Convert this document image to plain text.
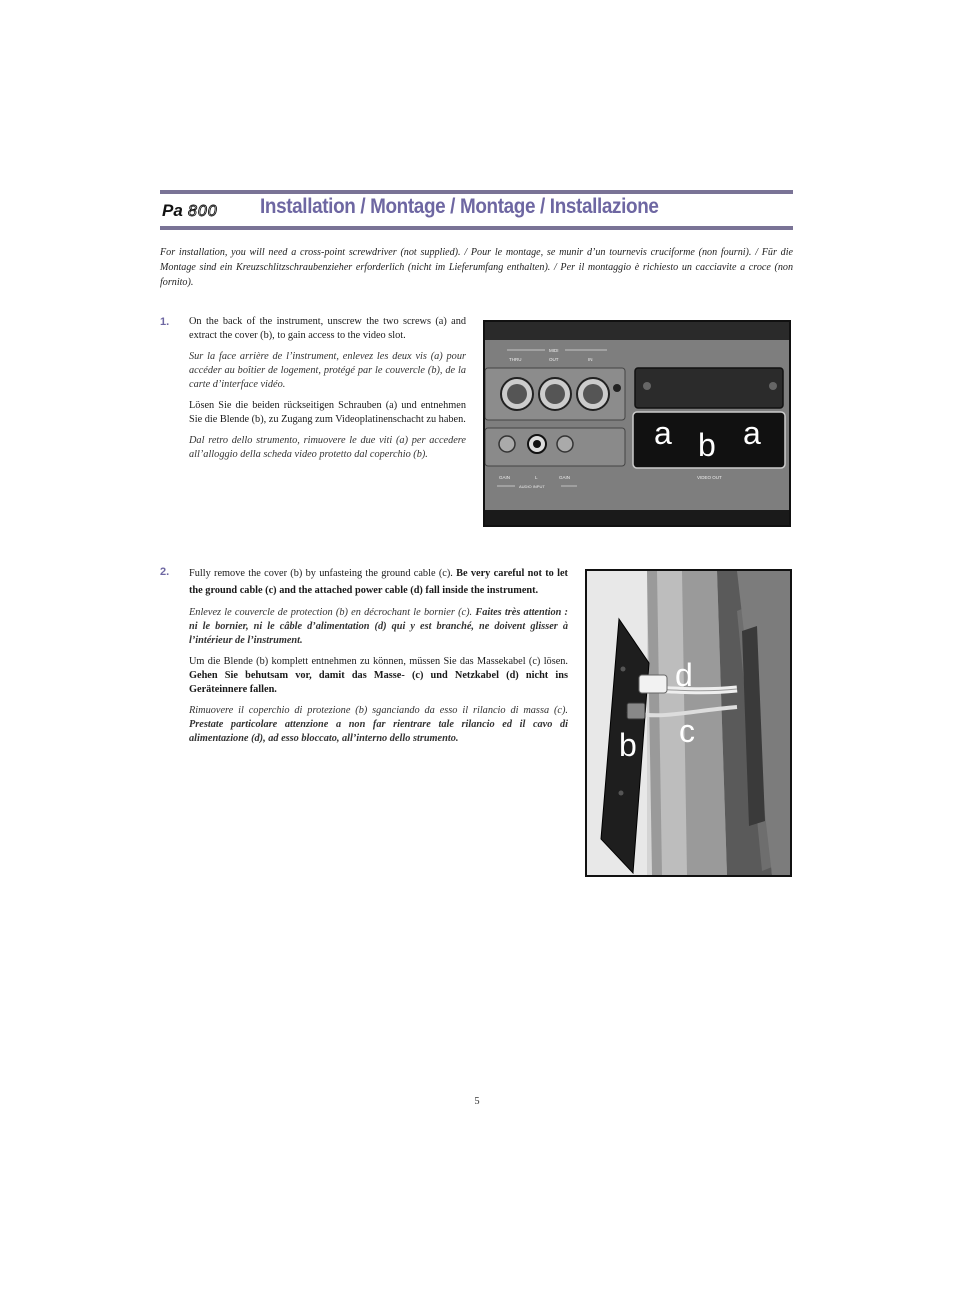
Pa 800 Installation / Montage / Montage / Installazione
For installation, you will need a cross-point screwdriver (not supplied). / Pour le montage, se munir d’un tournevis cruciforme (non fourni). / Für die Montage sind ein Kreuzschlitzschraubenzieher erforderlich (nicht im Lieferumfang enthalten). / Per il montaggio è richiesto un cacciavite a croce (non fornito).
1. On the back of the instrument, unscrew the two screws (a) and extract the cover (b), to gain access to the video slot.

Sur la face arrière de l’instrument, enlevez les deux vis (a) pour accéder au boîtier de logement, protégé par le couvercle (b), de la carte d’interface vidéo.

Lösen Sie die beiden rückseitigen Schrauben (a) und entnehmen Sie die Blende (b), zu Zugang zum Videoplatinenschacht zu haben.

Dal retro dello strumento, rimuovere le due viti (a) per accedere all’alloggio della scheda video protetto dal coperchio (b).

MIDI
THRU	OUT	IN
GAIN	L	GAIN
AUDIO INPUT
VIDEO OUT
a b a
2. Fully remove the cover (b) by unfasteing the ground cable (c). Be very careful not to let the ground cable (c) and the attached power cable (d) fall inside the instrument.

Enlevez le couvercle de protection (b) en décrochant le bornier (c). Faites très attention : ni le bornier, ni le câble d’alimentation (d) qui y est branché, ne doivent glisser à l’intérieur de l’instrument.

Um die Blende (b) komplett entnehmen zu können, müssen Sie das Massekabel (c) lösen. Gehen Sie behutsam vor, damit das Masse- (c) und Netzkabel (d) nicht ins Geräteinnere fallen.

Rimuovere il coperchio di protezione (b) sganciando da esso il rilancio di massa (c). Prestate particolare attenzione a non far rientrare tale rilancio ed il cavo di alimentazione (d), ad esso bloccato, all’interno dello strumento.

d
c
b
5
